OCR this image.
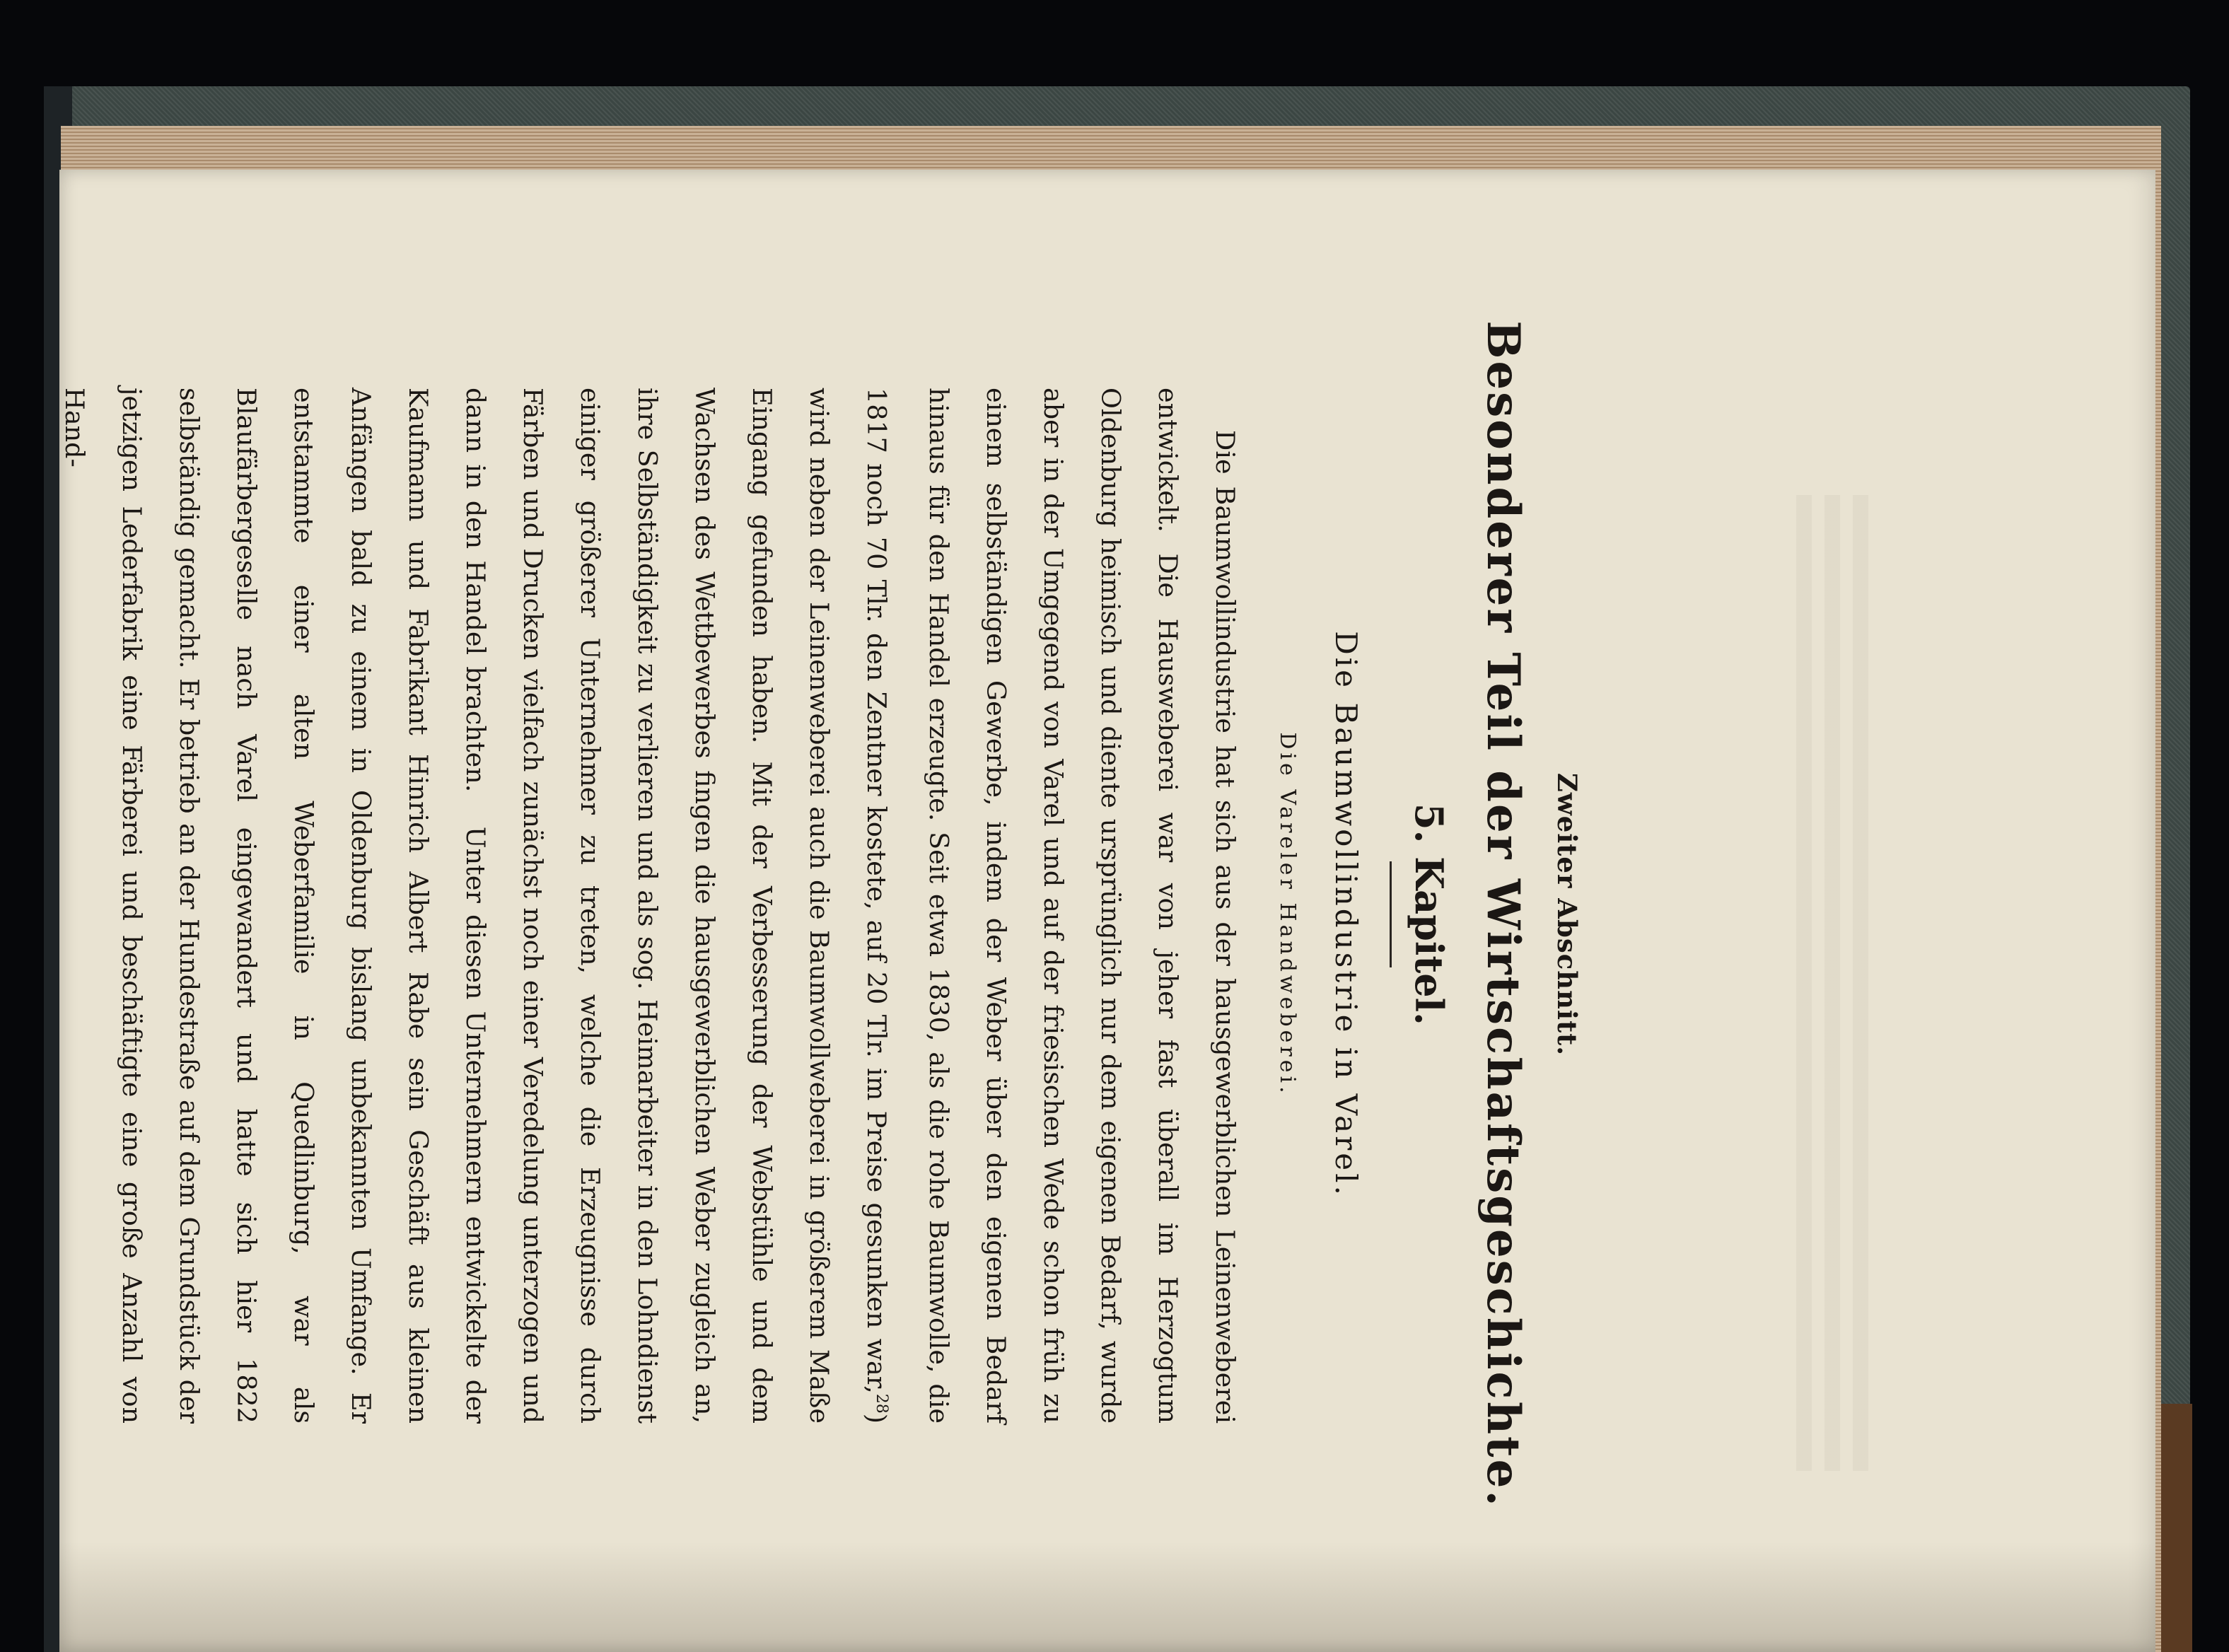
Zweiter Abschnitt.
Besonderer Teil der Wirtschaftsgeschichte.
5. Kapitel.
Die Baumwollindustrie in Varel.
Die Vareler Handweberei.

Die Baumwollindustrie hat sich aus der hausgewerblichen Leinenweberei entwickelt. Die Hausweberei war von jeher fast überall im Herzogtum Oldenburg heimisch und diente ursprünglich nur dem eigenen Bedarf, wurde aber in der Umgegend von Varel und auf der friesischen Wede schon früh zu einem selbständigen Gewerbe, indem der Weber über den eigenen Bedarf hinaus für den Handel erzeugte. Seit etwa 1830, als die rohe Baumwolle, die 1817 noch 70 Tlr. den Zentner kostete, auf 20 Tlr. im Preise gesunken war,$^{28}$) wird neben der Leinenweberei auch die Baumwollweberei in größerem Maße Eingang gefunden haben. Mit der Verbesserung der Webstühle und dem Wachsen des Wettbewerbes fingen die hausgewerblichen Weber zugleich an, ihre Selbständigkeit zu verlieren und als sog. Heimarbeiter in den Lohndienst einiger größerer Unternehmer zu treten, welche die Erzeugnisse durch Färben und Drucken vielfach zunächst noch einer Veredelung unterzogen und dann in den Handel brachten.   Unter diesen Unternehmern entwickelte der Kaufmann und Fabrikant Hinrich Albert Rabe sein Geschäft aus kleinen Anfängen bald zu einem in Oldenburg bislang unbekannten Umfange. Er entstammte einer alten Weberfamilie in Quedlinburg, war als Blaufärbergeselle nach Varel eingewandert und hatte sich hier 1822 selbständig gemacht. Er betrieb an der Hundestraße auf dem Grundstück der jetzigen Lederfabrik eine Färberei und beschäftigte eine große Anzahl von Hand-
